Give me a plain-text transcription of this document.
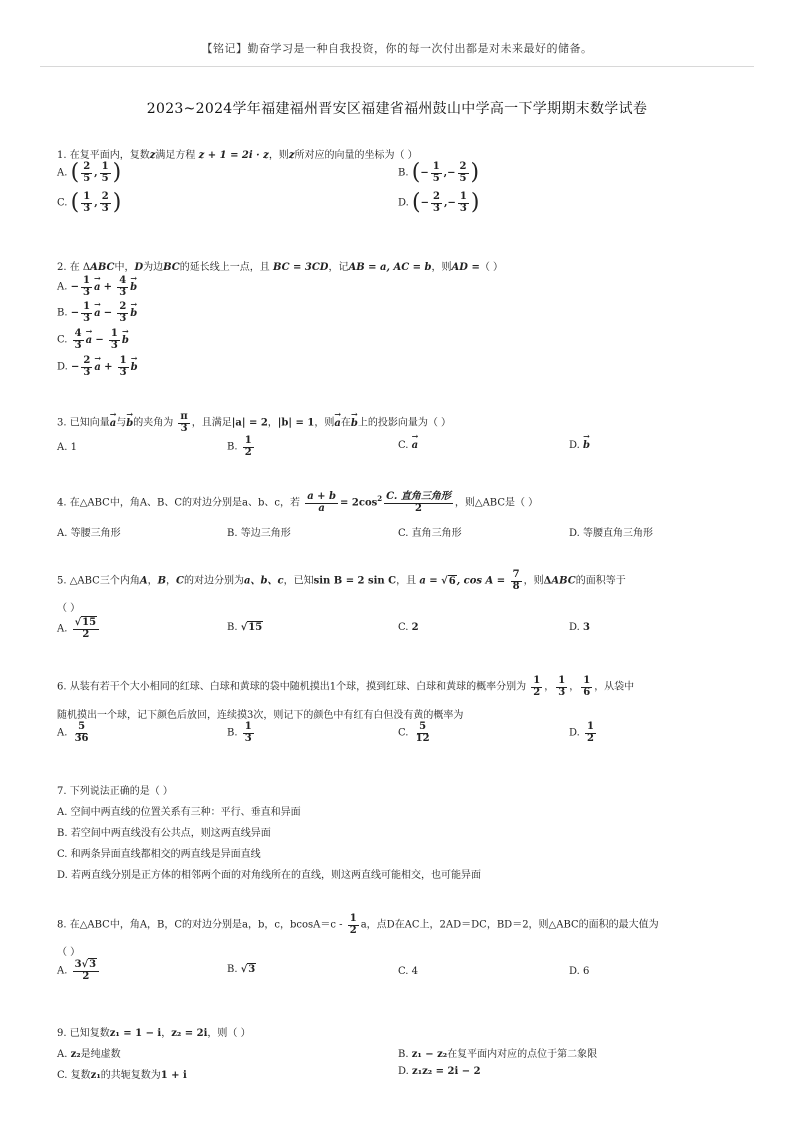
【铭记】勤奋学习是一种自我投资，你的每一次付出都是对未来最好的储备。
2023~2024学年福建福州晋安区福建省福州鼓山中学高一下学期期末数学试卷
1. 在复平面内，复数z满足方程 z + 1 = 2i · z，则z所对应的向量的坐标为（ ）
A. ( $\frac{2}{5}$ , $\frac{1}{5}$ )	B. (− $\frac{1}{5}$ ,− $\frac{2}{5}$ )
C. ( $\frac{1}{3}$ , $\frac{2}{3}$ )	D. (− $\frac{2}{3}$ ,− $\frac{1}{3}$ )
2. 在 ΔABC中，D为边BC的延长线上一点，且 BC = 3CD，记AB = a, AC = b，则AD =（ ）
A. − $\frac{1}{3}$
→ $a + \frac{4}{3}$
→ b
B. − $\frac{1}{3}$
→ $a - \frac{2}{3}$
→ b
C. $\frac{4}{3}$
→ $a - \frac{1}{3}$
→ b
D. − $\frac{2}{3}$
→ $a + \frac{1}{3}$
→ b
3. 已知向量→ a与→ b的夹角为 $\frac{\pi}{3}$ ，且满足|a| = 2，|b| = 1，则→ a在→ b上的投影向量为（ ）
A. 1	B. $\frac{1}{2}$	C. → a	D. → b
4. 在△ABC中，角A、B、C的对边分别是a、b、c，若 $\frac{a + b}{a} = 2\cos^2 \frac{\text{C. 直角三角形}}{2}$ ，则△ABC是（ ）
A. 等腰三角形	B. 等边三角形	C. 直角三角形	D. 等腰直角三角形
5. △ABC三个内角A，B，C的对边分别为a、b、c，已知sin B = 2 sin C，且 a = √6, $\cos A = \frac{7}{8}$ ，则ΔABC的面积等于
（ ）
A. $\frac{√15}{2}$	B. √15	C. 2	D. 3
6. 从装有若干个大小相同的红球、白球和黄球的袋中随机摸出1个球，摸到红球、白球和黄球的概率分别为 $\frac{1}{2}$ ， $\frac{1}{3}$ ， $\frac{1}{6}$ ，从袋中
随机摸出一个球，记下颜色后放回，连续摸3次，则记下的颜色中有红有白但没有黄的概率为
A. $\frac{5}{36}$	B. $\frac{1}{3}$	C. $\frac{5}{12}$	D. $\frac{1}{2}$
7. 下列说法正确的是（ ）
A. 空间中两直线的位置关系有三种：平行、垂直和异面
B. 若空间中两直线没有公共点，则这两直线异面
C. 和两条异面直线都相交的两直线是异面直线
D. 若两直线分别是正方体的相邻两个面的对角线所在的直线，则这两直线可能相交，也可能异面
8. 在△ABC中，角A，B，C的对边分别是a，b，c，$bcosA=c - \frac{1}{2}$ a，点D在AC上，2AD＝DC，BD＝2，则△ABC的面积的最大值为
（ ）
A. $\frac{3√3}{2}$	B. √3	C. 4	D. 6
9. 已知复数z₁ = 1 − i，z₂ = 2i，则（ ）
A. z₂是纯虚数	B. z₁ − z₂在复平面内对应的点位于第二象限
C. 复数z₁的共轭复数为1 + i	D. z₁z₂ = 2i − 2
